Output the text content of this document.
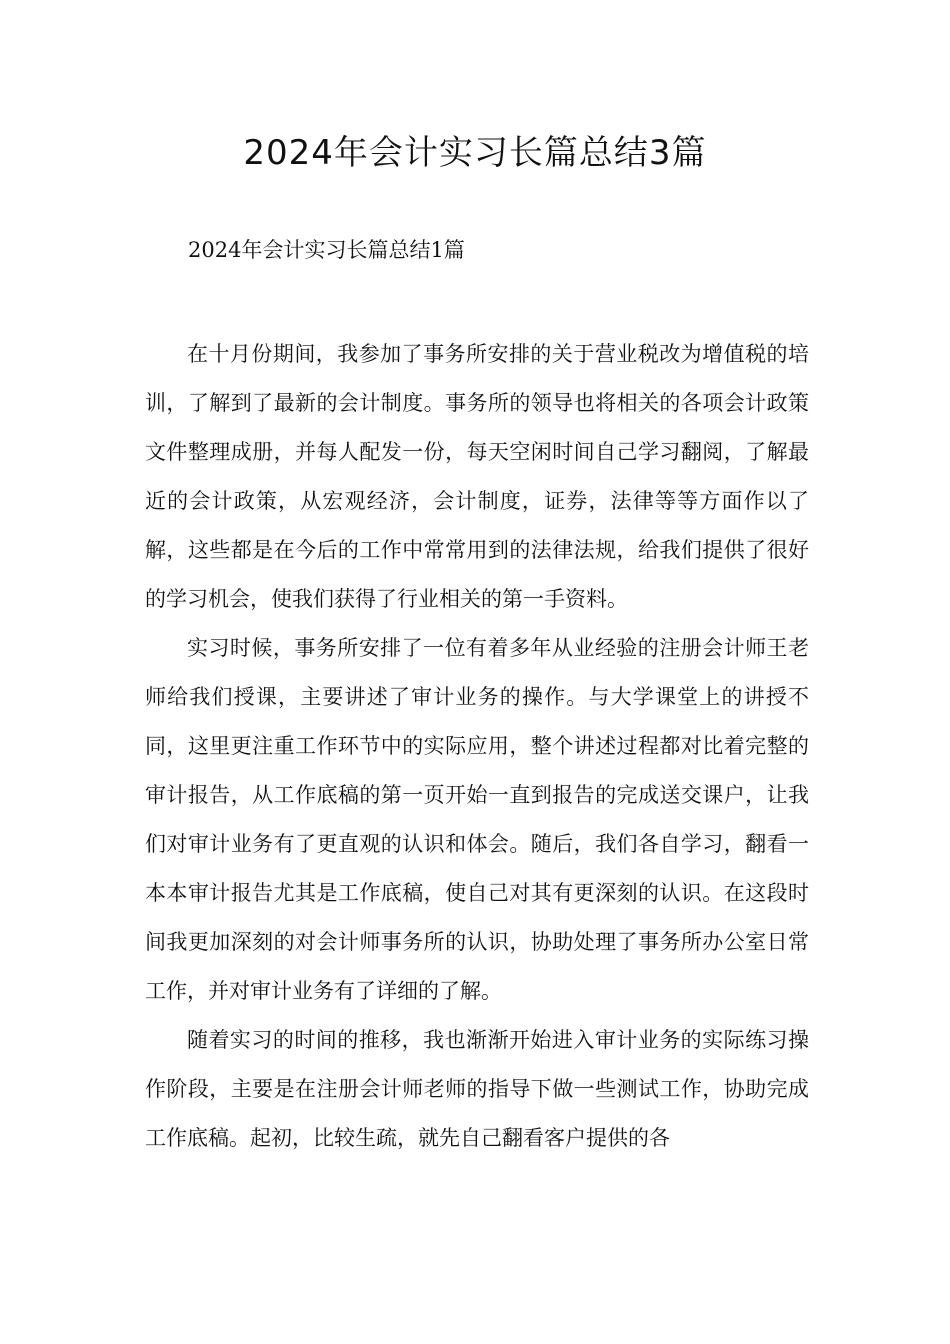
2024年会计实习长篇总结3篇

2024年会计实习长篇总结1篇

在十月份期间，我参加了事务所安排的关于营业税改为增值税的培训，了解到了最新的会计制度。事务所的领导也将相关的各项会计政策文件整理成册，并每人配发一份，每天空闲时间自己学习翻阅，了解最近的会计政策，从宏观经济，会计制度，证券，法律等等方面作以了解，这些都是在今后的工作中常常用到的法律法规，给我们提供了很好的学习机会，使我们获得了行业相关的第一手资料。

实习时候，事务所安排了一位有着多年从业经验的注册会计师王老师给我们授课，主要讲述了审计业务的操作。与大学课堂上的讲授不同，这里更注重工作环节中的实际应用，整个讲述过程都对比着完整的审计报告，从工作底稿的第一页开始一直到报告的完成送交课户，让我们对审计业务有了更直观的认识和体会。随后，我们各自学习，翻看一本本审计报告尤其是工作底稿，使自己对其有更深刻的认识。在这段时间我更加深刻的对会计师事务所的认识，协助处理了事务所办公室日常工作，并对审计业务有了详细的了解。

随着实习的时间的推移，我也渐渐开始进入审计业务的实际练习操作阶段，主要是在注册会计师老师的指导下做一些测试工作，协助完成工作底稿。起初，比较生疏，就先自己翻看客户提供的各
